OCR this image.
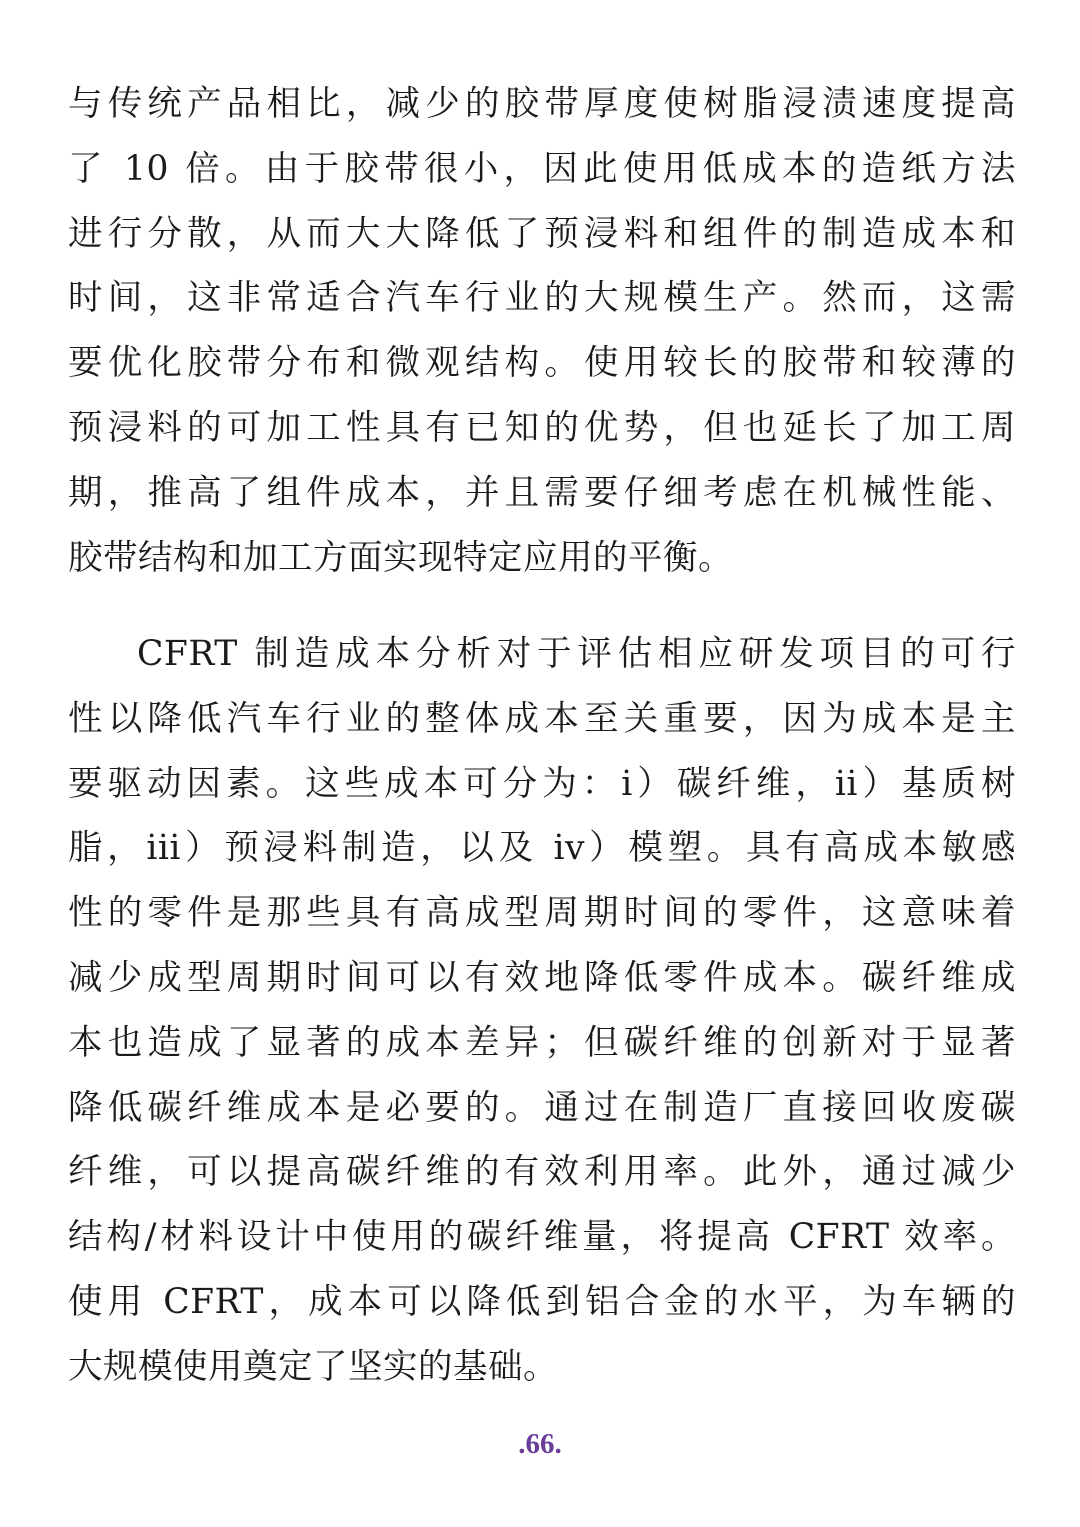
与传统产品相比，减少的胶带厚度使树脂浸渍速度提高
了 10 倍。由于胶带很小，因此使用低成本的造纸方法
进行分散，从而大大降低了预浸料和组件的制造成本和
时间，这非常适合汽车行业的大规模生产。然而，这需
要优化胶带分布和微观结构。使用较长的胶带和较薄的
预浸料的可加工性具有已知的优势，但也延长了加工周
期，推高了组件成本，并且需要仔细考虑在机械性能、
胶带结构和加工方面实现特定应用的平衡。
CFRT 制造成本分析对于评估相应研发项目的可行
性以降低汽车行业的整体成本至关重要，因为成本是主
要驱动因素。这些成本可分为：i）碳纤维，ii）基质树
脂，iii）预浸料制造，以及 iv）模塑。具有高成本敏感
性的零件是那些具有高成型周期时间的零件，这意味着
减少成型周期时间可以有效地降低零件成本。碳纤维成
本也造成了显著的成本差异；但碳纤维的创新对于显著
降低碳纤维成本是必要的。通过在制造厂直接回收废碳
纤维，可以提高碳纤维的有效利用率。此外，通过减少
结构/材料设计中使用的碳纤维量，将提高 CFRT 效率。
使用 CFRT，成本可以降低到铝合金的水平，为车辆的
大规模使用奠定了坚实的基础。
.66.
